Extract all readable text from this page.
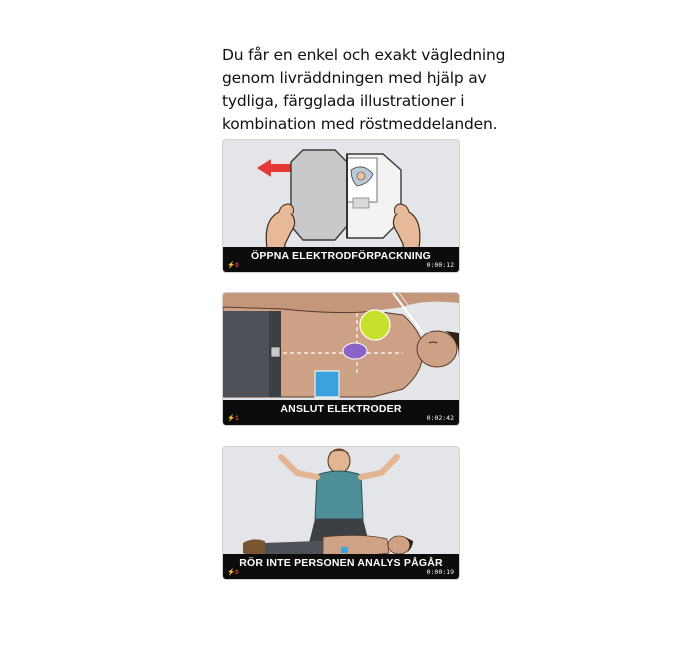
Du får en enkel och exakt vägledning
genom livräddningen med hjälp av
tydliga, färgglada illustrationer i
kombination med röstmeddelanden.
ÖPPNA ELEKTRODFÖRPACKNING
⚡0	0:00:12
ANSLUT ELEKTRODER
⚡1	0:02:42
RÖR INTE PERSONEN ANALYS PÅGÅR
⚡0	0:00:19
